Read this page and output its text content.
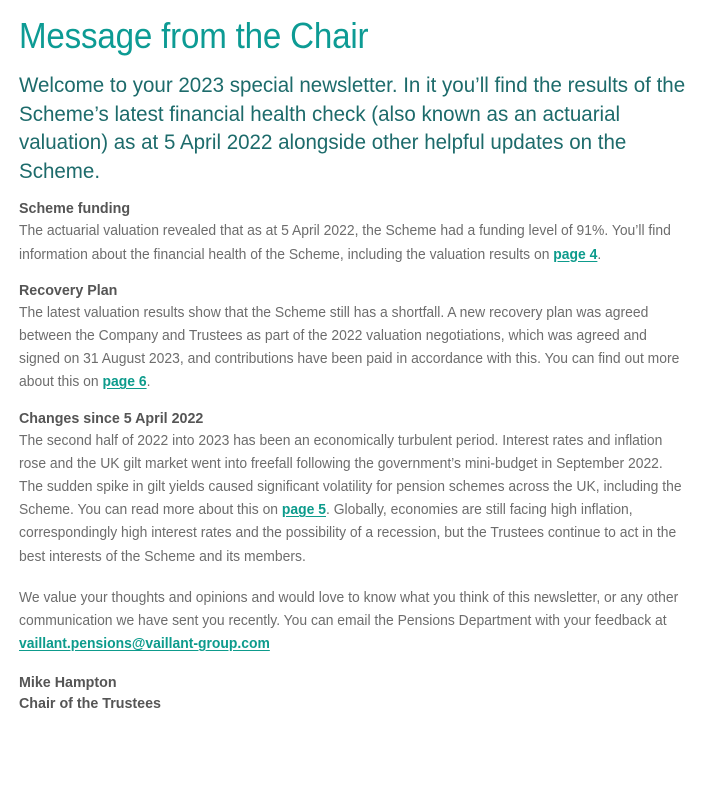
Message from the Chair

Welcome to your 2023 special newsletter. In it you’ll find the results of the Scheme’s latest financial health check (also known as an actuarial valuation) as at 5 April 2022 alongside other helpful updates on the Scheme.

Scheme funding

The actuarial valuation revealed that as at 5 April 2022, the Scheme had a funding level of 91%. You’ll find information about the financial health of the Scheme, including the valuation results on page 4.

Recovery Plan

The latest valuation results show that the Scheme still has a shortfall. A new recovery plan was agreed between the Company and Trustees as part of the 2022 valuation negotiations, which was agreed and signed on 31 August 2023, and contributions have been paid in accordance with this. You can find out more about this on page 6.

Changes since 5 April 2022

The second half of 2022 into 2023 has been an economically turbulent period. Interest rates and inflation rose and the UK gilt market went into freefall following the government’s mini-budget in September 2022. The sudden spike in gilt yields caused significant volatility for pension schemes across the UK, including the Scheme. You can read more about this on page 5. Globally, economies are still facing high inflation, correspondingly high interest rates and the possibility of a recession, but the Trustees continue to act in the best interests of the Scheme and its members.

We value your thoughts and opinions and would love to know what you think of this newsletter, or any other communication we have sent you recently. You can email the Pensions Department with your feedback at vaillant.pensions@vaillant-group.com

Mike Hampton
Chair of the Trustees
